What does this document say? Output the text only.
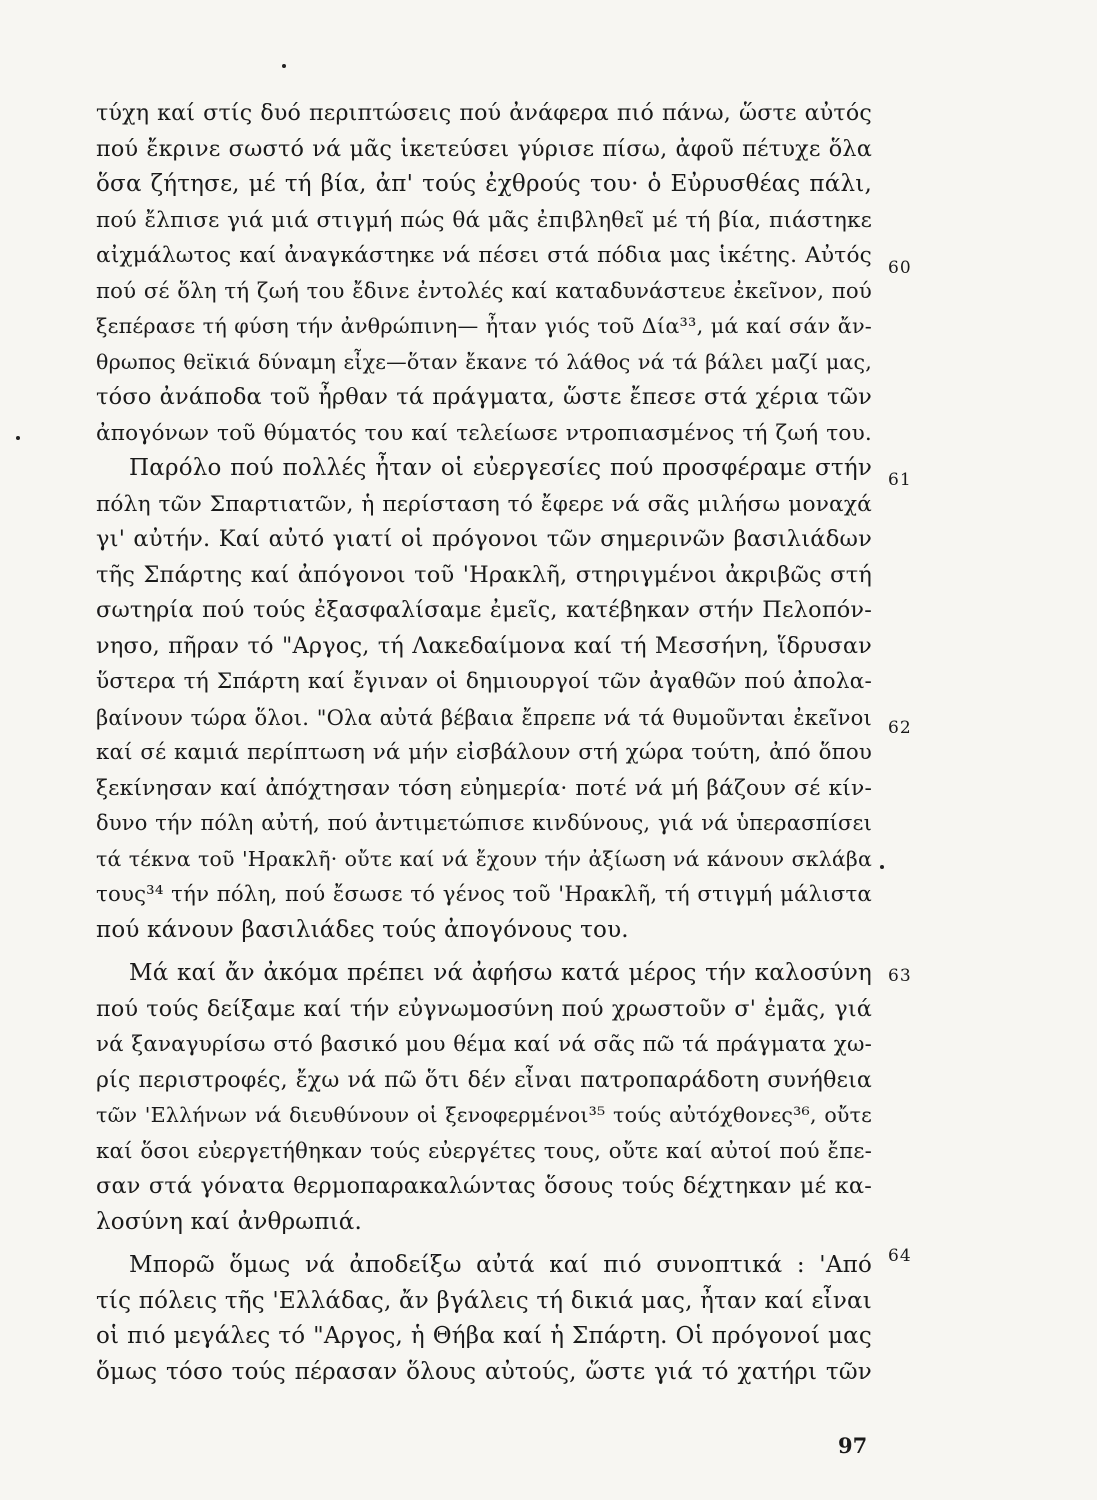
τύχη καί στίς δυό περιπτώσεις πού ἀνάφερα πιό πάνω, ὥστε αὐτός
πού ἔκρινε σωστό νά μᾶς ἱκετεύσει γύρισε πίσω, ἀφοῦ πέτυχε ὅλα
ὅσα ζήτησε, μέ τή βία, ἀπ' τούς ἐχθρούς του· ὁ Εὐρυσθέας πάλι,
πού ἔλπισε γιά μιά στιγμή πώς θά μᾶς ἐπιβληθεῖ μέ τή βία, πιάστηκε
αἰχμάλωτος καί ἀναγκάστηκε νά πέσει στά πόδια μας ἱκέτης. Αὐτός
πού σέ ὅλη τή ζωή του ἔδινε ἐντολές καί καταδυνάστευε ἐκεῖνον, πού
ξεπέρασε τή φύση τήν ἀνθρώπινη— ἦταν γιός τοῦ Δία³³, μά καί σάν ἄν-
θρωπος θεϊκιά δύναμη εἶχε—ὅταν ἔκανε τό λάθος νά τά βάλει μαζί μας,
τόσο ἀνάποδα τοῦ ἦρθαν τά πράγματα, ὥστε ἔπεσε στά χέρια τῶν
ἀπογόνων τοῦ θύματός του καί τελείωσε ντροπιασμένος τή ζωή του.
Παρόλο πού πολλές ἦταν οἱ εὐεργεσίες πού προσφέραμε στήν
πόλη τῶν Σπαρτιατῶν, ἡ περίσταση τό ἔφερε νά σᾶς μιλήσω μοναχά
γι' αὐτήν. Καί αὐτό γιατί οἱ πρόγονοι τῶν σημερινῶν βασιλιάδων
τῆς Σπάρτης καί ἀπόγονοι τοῦ 'Ηρακλῆ, στηριγμένοι ἀκριβῶς στή
σωτηρία πού τούς ἐξασφαλίσαμε ἐμεῖς, κατέβηκαν στήν Πελοπόν-
νησο, πῆραν τό "Αργος, τή Λακεδαίμονα καί τή Μεσσήνη, ἵδρυσαν
ὕστερα τή Σπάρτη καί ἔγιναν οἱ δημιουργοί τῶν ἀγαθῶν πού ἀπολα-
βαίνουν τώρα ὅλοι. "Ολα αὐτά βέβαια ἔπρεπε νά τά θυμοῦνται ἐκεῖνοι
καί σέ καμιά περίπτωση νά μήν εἰσβάλουν στή χώρα τούτη, ἀπό ὅπου
ξεκίνησαν καί ἀπόχτησαν τόση εὐημερία· ποτέ νά μή βάζουν σέ κίν-
δυνο τήν πόλη αὐτή, πού ἀντιμετώπισε κινδύνους, γιά νά ὑπερασπίσει
τά τέκνα τοῦ 'Ηρακλῆ· οὔτε καί νά ἔχουν τήν ἀξίωση νά κάνουν σκλάβα
τους³⁴ τήν πόλη, πού ἔσωσε τό γένος τοῦ 'Ηρακλῆ, τή στιγμή μάλιστα
πού κάνουν βασιλιάδες τούς ἀπογόνους του.
Μά καί ἄν ἀκόμα πρέπει νά ἀφήσω κατά μέρος τήν καλοσύνη
πού τούς δείξαμε καί τήν εὐγνωμοσύνη πού χρωστοῦν σ' ἐμᾶς, γιά
νά ξαναγυρίσω στό βασικό μου θέμα καί νά σᾶς πῶ τά πράγματα χω-
ρίς περιστροφές, ἔχω νά πῶ ὅτι δέν εἶναι πατροπαράδοτη συνήθεια
τῶν 'Ελλήνων νά διευθύνουν οἱ ξενοφερμένοι³⁵ τούς αὐτόχθονες³⁶, οὔτε
καί ὅσοι εὐεργετήθηκαν τούς εὐεργέτες τους, οὔτε καί αὐτοί πού ἔπε-
σαν στά γόνατα θερμοπαρακαλώντας ὅσους τούς δέχτηκαν μέ κα-
λοσύνη καί ἀνθρωπιά.
Μπορῶ ὅμως νά ἀποδείξω αὐτά καί πιό συνοπτικά : 'Από
τίς πόλεις τῆς 'Ελλάδας, ἄν βγάλεις τή δικιά μας, ἦταν καί εἶναι
οἱ πιό μεγάλες τό "Αργος, ἡ Θήβα καί ἡ Σπάρτη. Οἱ πρόγονοί μας
ὅμως τόσο τούς πέρασαν ὅλους αὐτούς, ὥστε γιά τό χατήρι τῶν
60
61
62
63
64
97
